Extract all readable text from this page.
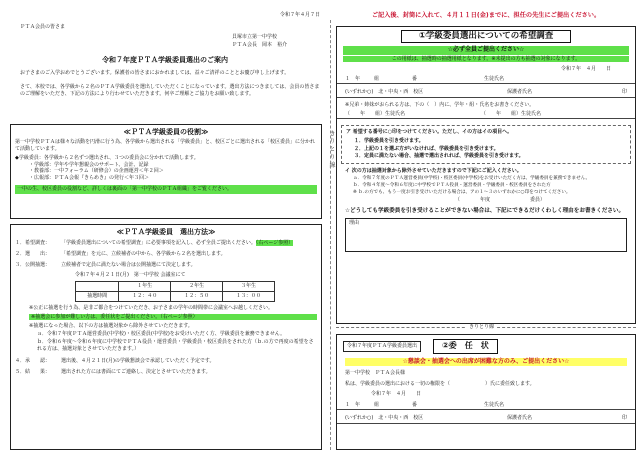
令和７年４月７日
ＰＴＡ会員の皆さま
貝塚市立第一中学校
ＰＴＡ会長　岡本　裕介
令和７年度ＰＴＡ学級委員選出のご案内
お子さまのご入学おめでとうございます。保護者の皆さまにおかれましては、益々ご清祥のこととお慶び申し上げます。
さて、本校では、各学級から２名のＰＴＡ学級委員を選出していただくことになっています。選出方法につきましては、会員の皆さまのご理解をいただき、下記の方法により行わせていただきます。何卒ご理解とご協力をお願い致します。
≪ＰＴＡ学級委員の役割≫
第一中学校ＰＴＡは様々な活動を円滑に行う為、各学級から選出される「学級委員」と、校区ごとに選出される「校区委員」に分かれて活動しています。
◆学級委員：各学級から２名ずつ選出され、３つの委員会に分かれて活動します。
・学級部：学年や学年懇親会のサポート、会計、記録
・教養部：一中フォーラム（研修会）の企画運営＜年２回＞
・広報部：ＰＴＡ会報『きらめき』の発行＜年３回＞
一中の生、校区委員の役割など、詳しくは裏面の「第一中学校のＰＴＡ組織」をご覧ください。
≪ＰＴＡ学級委員　選出方法≫
１．希望調査：	「学級委員選出についての希望調査」に必要事項を記入し、必ず全員ご提出ください。（右ページ参照）
２．選　　出：	「希望調査」を元に、立候補者の中から、各学級から２名を選出します。
３．公開抽選：	立候補者で定員に満たない場合は公開抽選にて決定します。
令和７年４月２１日(月)　第一中学校 会議室にて
	１年生	２年生	３年生
抽選時間	１２：４０	１２：５０	１３：００
※公正に抽選を行う為、是非ご都合をつけていただき、お子さまの学年の時間帯に会議室へお越しください。
※抽選会に参加が難しい方は、委任状をご提出ください。（右ページ参照）
※抽選になった場合、以下の方は抽選対象から除外させていただきます。
ａ．令和７年度ＰＴＡ運営委員(中学校)・校区委員(中学校)をお受けいただく方、学級委員を兼務できません。
ｂ．令和６年度～令和６年度に中学校でＰＴＡ役員・運営委員・学級委員・校区委員をされた方（ｂ.の方で再度の希望をされる方は、抽選対象とさせていただきます。）
４．承　　認：	選出後、４月２１日(月)の学級懇談会で承認していただく予定です。
５．結　　果：	選出された方には書面にてご連絡し、決定とさせていただきます。
き り と り 線
ご記入後、封筒に入れて、４月１１日(金)までに、担任の先生にご提出ください。
①学級委員選出についての希望調査
☆必ず全員ご提出ください☆
この用紙は、抽選時の抽選用紙となります。※未提出の方も抽選の対象になります。
令和７年　４月　　日
１　年	組	番	生徒氏名
(いずれか○)　北・中央・西　校区	保護者氏名	印
※兄弟・姉妹がおられる方は、下の（　）内に、学年・組・氏名をお書きください。
（　　年　　組）生徒氏名	（　　年　　組）生徒氏名
ア 希望する番号に○印をつけてください。ただし、イの方はイの項目へ。
１．学級委員を引き受けます。
２．上記の１を選ぶ方がいなければ、学級委員を引き受けます。
３．定員に満たない場合、抽選で選出されれば、学級委員を引き受けます。
イ 次の方は抽選対象から除外させていただきますので下記にご記入ください。
ａ．令和７年度のＰＴＡ運営委員(中学校)・校区委員(中学校)をお受けいただく方は、学級委員を兼務できません。
ｂ．令和４年度～令和６年度に中学校でＰＴＡ役員・運営委員・学級委員・校区委員をされた方
※ ｂ.の方でも、もう一度お引き受けいただける場合は、アの１～３のいずれかに○印をつけてください。
（　　　　年度　　　　　　　　委員）
☆どうしても学級委員を引き受けることができない場合は、下記にできるだけくわしく理由をお書きください。
理由
きりとり線
令和７年度ＰＴＡ学級委員選出	②委　任　状
☆懇談会・抽選会への出席が困難な方のみ、ご提出ください☆
第一中学校　ＰＴＡ会長様
私は、学級委員の選出における一切の権限を（　　　　　　　）氏に委任致します。
令和７年　４月　　日
１　年	組	番	生徒氏名
(いずれか○)　北・中央・西　校区	保護者氏名	印
